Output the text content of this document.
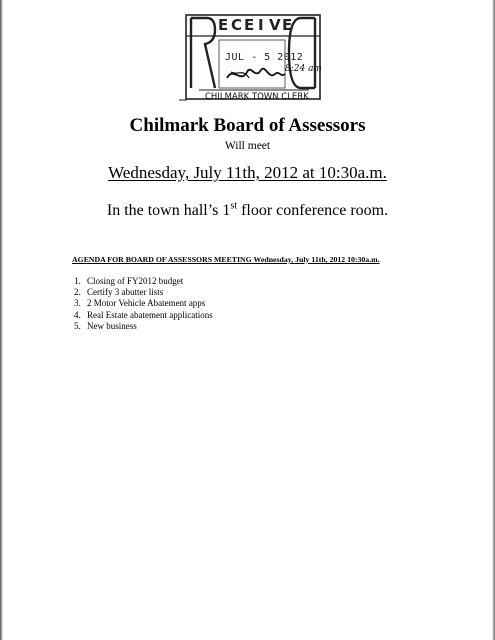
E C E I V E
JUL - 5 2012
8:24 am
CHILMARK TOWN CLERK
Chilmark Board of Assessors
Will meet
Wednesday, July 11th, 2012 at 10:30a.m.
In the town hall’s 1st floor conference room.
AGENDA FOR BOARD OF ASSESSORS MEETING Wednesday, July 11th, 2012 10:30a.m.
1. Closing of FY2012 budget
2. Certify 3 abutter lists
3. 2 Motor Vehicle Abatement apps
4. Real Estate abatement applications
5. New business
